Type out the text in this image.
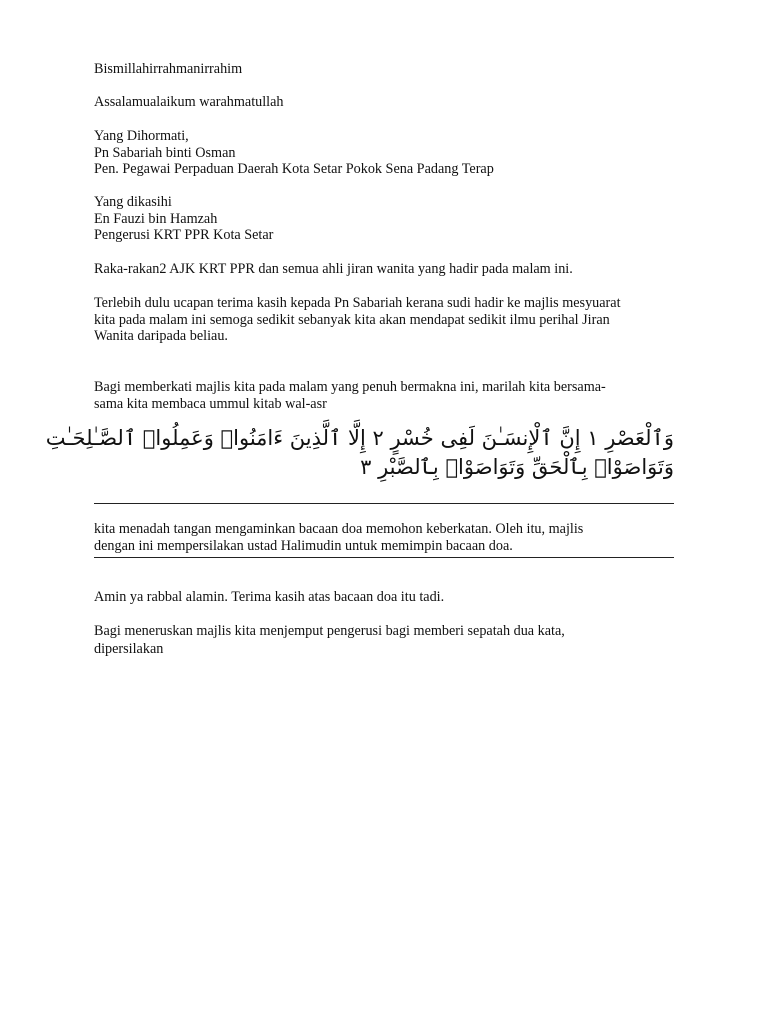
Bismillahirrahmanirrahim
Assalamualaikum warahmatullah
Yang Dihormati,
Pn Sabariah binti Osman
Pen. Pegawai Perpaduan Daerah Kota Setar Pokok Sena Padang Terap
Yang dikasihi
En Fauzi bin Hamzah
Pengerusi KRT PPR Kota Setar
Raka-rakan2 AJK KRT PPR dan semua ahli jiran wanita yang hadir pada malam ini.
Terlebih dulu ucapan terima kasih kepada Pn Sabariah kerana sudi hadir ke majlis mesyuarat
kita pada malam ini semoga sedikit sebanyak kita akan mendapat sedikit ilmu perihal Jiran
Wanita daripada beliau.
Bagi memberkati majlis kita pada malam yang penuh bermakna ini, marilah kita bersama-
sama kita membaca ummul kitab wal-asr
وَٱلْعَصْرِ ١ إِنَّ ٱلْإِنسَـٰنَ لَفِى خُسْرٍ ٢ إِلَّا ٱلَّذِينَ ءَامَنُوا۟ وَعَمِلُوا۟ ٱلصَّـٰلِحَـٰتِ
وَتَوَاصَوْا۟ بِٱلْحَقِّ وَتَوَاصَوْا۟ بِٱلصَّبْرِ ٣
kita menadah tangan mengaminkan bacaan doa memohon keberkatan. Oleh itu, majlis
dengan ini mempersilakan ustad Halimudin untuk memimpin bacaan doa.
Amin ya rabbal alamin. Terima kasih atas bacaan doa itu tadi.
Bagi meneruskan majlis kita menjemput pengerusi bagi memberi sepatah dua kata,
dipersilakan
